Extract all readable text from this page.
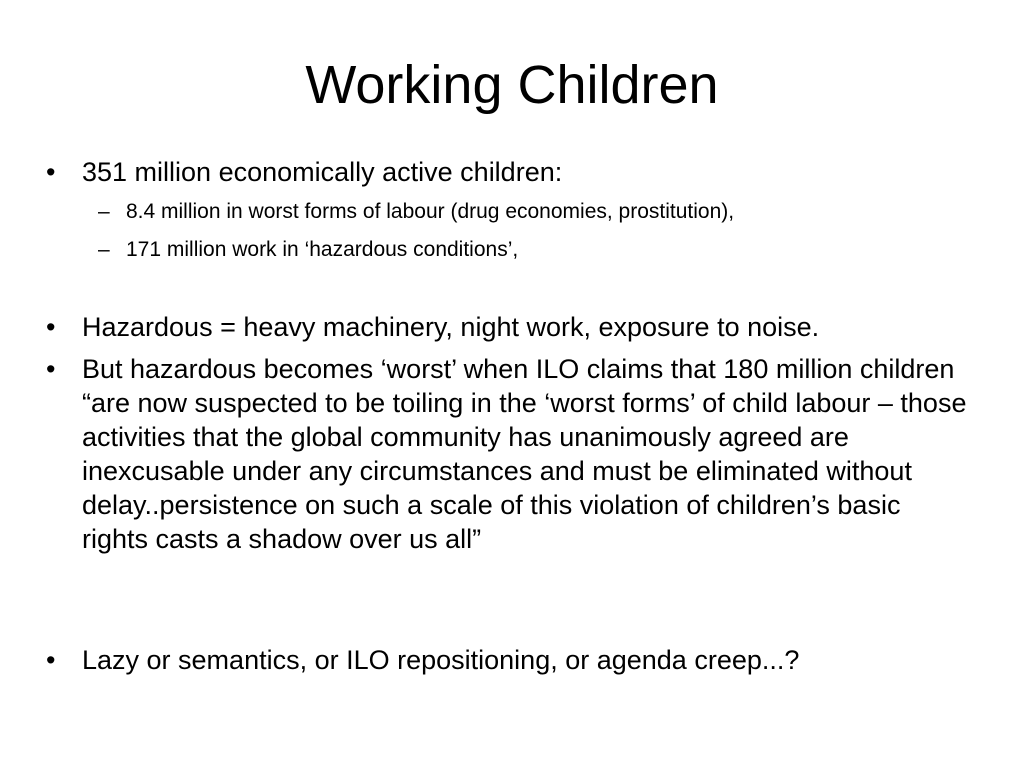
Working Children
• 351 million economically active children:
– 8.4 million in worst forms of labour (drug economies, prostitution),
– 171 million work in ‘hazardous conditions’,
• Hazardous = heavy machinery, night work, exposure to noise.
• But hazardous becomes ‘worst’ when ILO claims that 180 million children “are now suspected to be toiling in the ‘worst forms’ of child labour – those activities that the global community has unanimously agreed are inexcusable under any circumstances and must be eliminated without delay..persistence on such a scale of this violation of children’s basic rights casts a shadow over us all”
• Lazy or semantics, or ILO repositioning, or agenda creep...?
